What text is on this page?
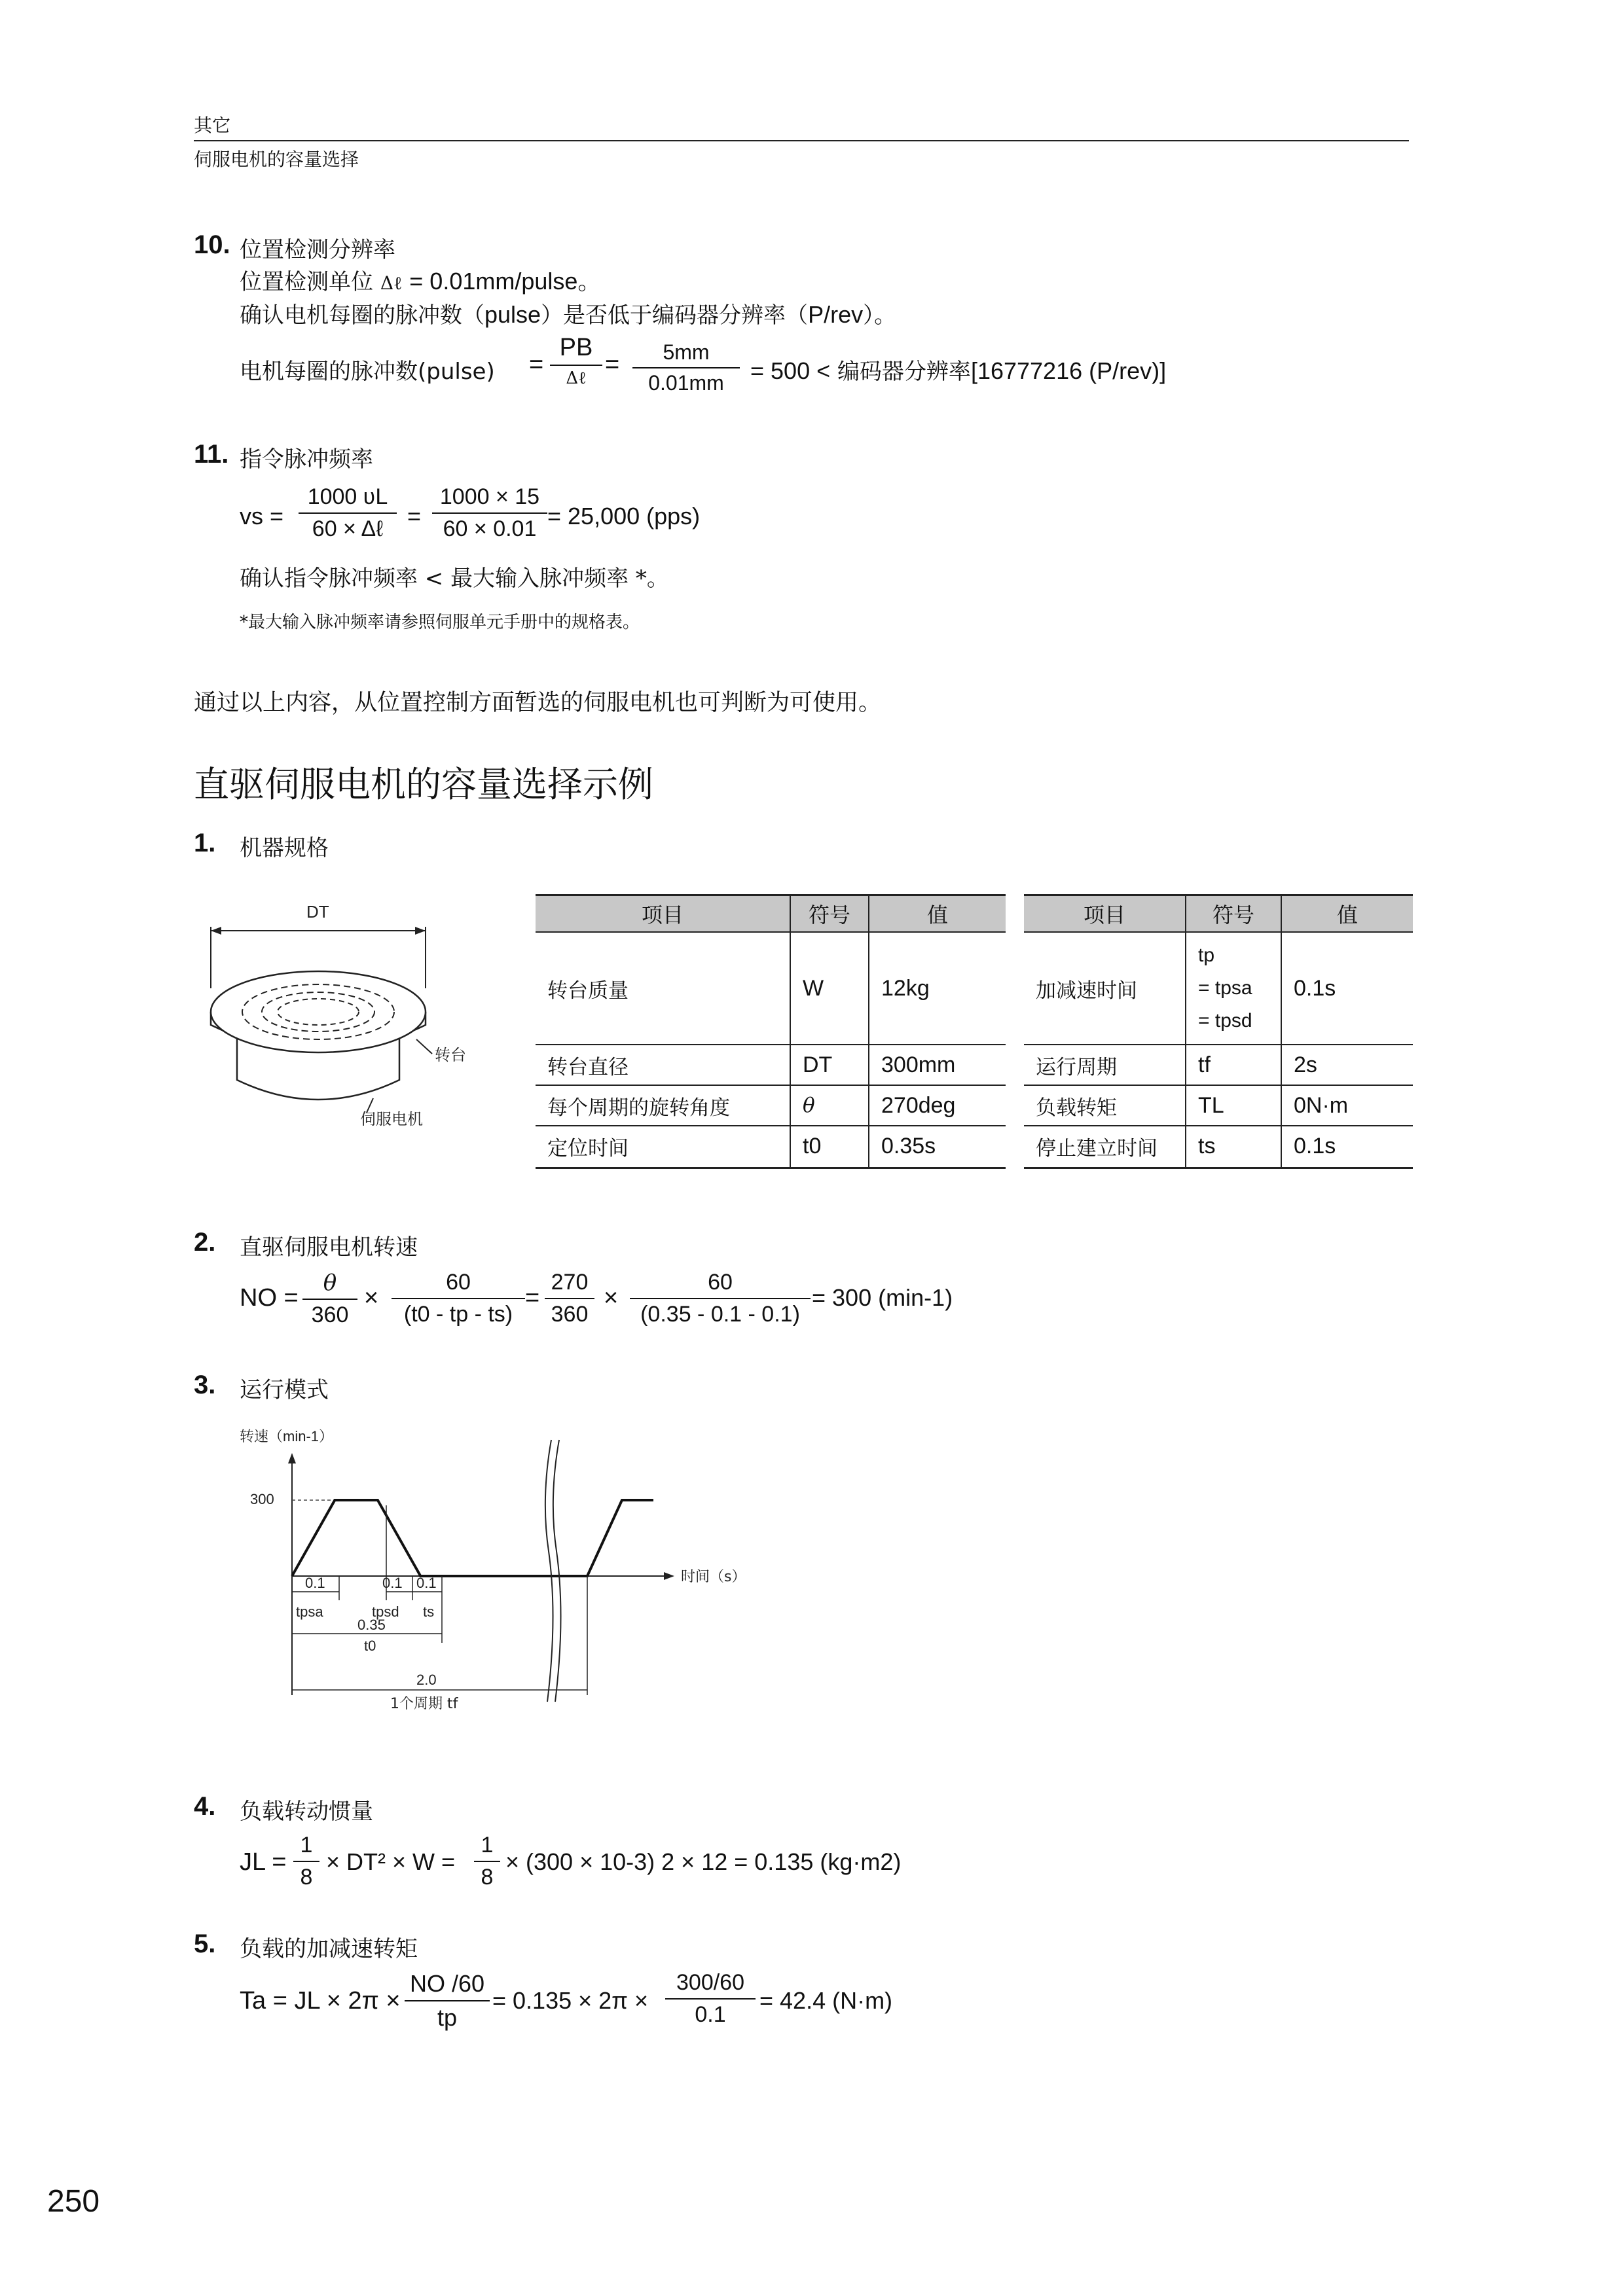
其它
伺服电机的容量选择
10. 位置检测分辨率
位置检测单位 Δℓ = 0.01mm/pulse。
确认电机每圈的脉冲数（pulse）是否低于编码器分辨率（P/rev）。
电机每圈的脉冲数(pulse) =
PB
Δℓ =	5mm
0.01mm	= 500 < 编码器分辨率[16777216 (P/rev)]
11. 指令脉冲频率
vs =
1000 ʋL
60 × Δℓ	=
1000 × 15
60 × 0.01 = 25,000 (pps)
确认指令脉冲频率 < 最大输入脉冲频率 *。
*最大输入脉冲频率请参照伺服单元手册中的规格表。
通过以上内容，从位置控制方面暂选的伺服电机也可判断为可使用。
直驱伺服电机的容量选择示例
1. 机器规格
DT
转台
伺服电机
项目	符号	值
转台质量	W	12kg
转台直径	DT	300mm
每个周期的旋转角度	θ	270deg
定位时间	t0	0.35s
项目	符号	值
加减速时间	tp
= tpsa
= tpsd	0.1s
运行周期	tf	2s
负载转矩	TL	0N·m
停止建立时间	ts	0.1s
2. 直驱伺服电机转速
NO =
θ
360
×
60
(t0 - tp - ts)
=
270
360
×
60
(0.35 - 0.1 - 0.1)
= 300 (min-1)
3. 运行模式
转速（min-1）
时间（s）
300
0.1	0.1 0.1
tpsa	tpsd ts
0.35
t0
2.0
1个周期 tf
4. 负载转动惯量
JL =
1
8
× DT² × W =
1
8
× (300 × 10-3) 2 × 12 = 0.135 (kg·m2)
5. 负载的加减速转矩
Ta = JL × 2π ×
NO /60
tp
= 0.135 × 2π ×
300/60
0.1
= 42.4 (N·m)
250
